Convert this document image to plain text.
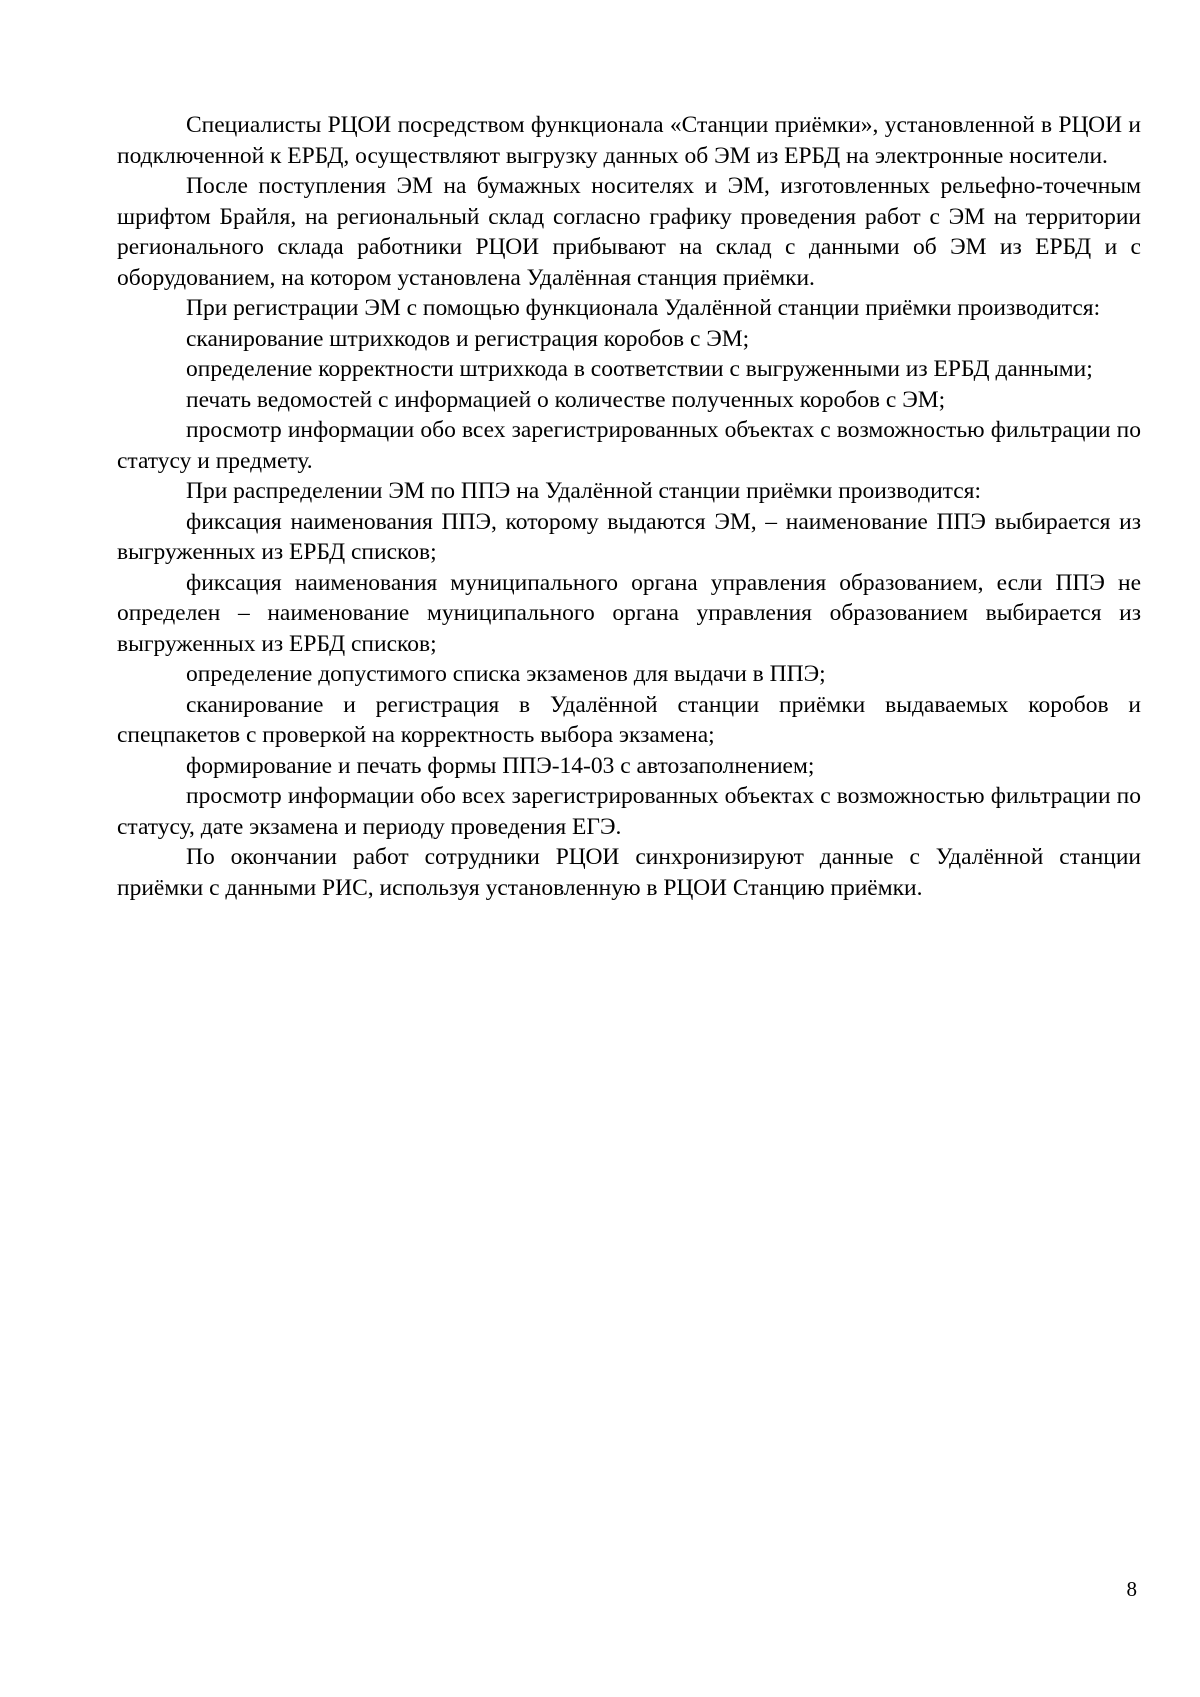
Специалисты РЦОИ посредством функционала «Станции приёмки», установленной в РЦОИ и подключенной к ЕРБД, осуществляют выгрузку данных об ЭМ из ЕРБД на электронные носители.

После поступления ЭМ на бумажных носителях и ЭМ, изготовленных рельефно-точечным шрифтом Брайля, на региональный склад согласно графику проведения работ с ЭМ на территории регионального склада работники РЦОИ прибывают на склад с данными об ЭМ из ЕРБД и с оборудованием, на котором установлена Удалённая станция приёмки.

При регистрации ЭМ с помощью функционала Удалённой станции приёмки производится:

сканирование штрихкодов и регистрация коробов с ЭМ;

определение корректности штрихкода в соответствии с выгруженными из ЕРБД данными;

печать ведомостей с информацией о количестве полученных коробов с ЭМ;

просмотр информации обо всех зарегистрированных объектах с возможностью фильтрации по статусу и предмету.

При распределении ЭМ по ППЭ на Удалённой станции приёмки производится:

фиксация наименования ППЭ, которому выдаются ЭМ, – наименование ППЭ выбирается из выгруженных из ЕРБД списков;

фиксация наименования муниципального органа управления образованием, если ППЭ не определен – наименование муниципального органа управления образованием выбирается из выгруженных из ЕРБД списков;

определение допустимого списка экзаменов для выдачи в ППЭ;

сканирование и регистрация в Удалённой станции приёмки выдаваемых коробов и спецпакетов с проверкой на корректность выбора экзамена;

формирование и печать формы ППЭ-14-03 с автозаполнением;

просмотр информации обо всех зарегистрированных объектах с возможностью фильтрации по статусу, дате экзамена и периоду проведения ЕГЭ.

По окончании работ сотрудники РЦОИ синхронизируют данные с Удалённой станции приёмки с данными РИС, используя установленную в РЦОИ Станцию приёмки.

8
